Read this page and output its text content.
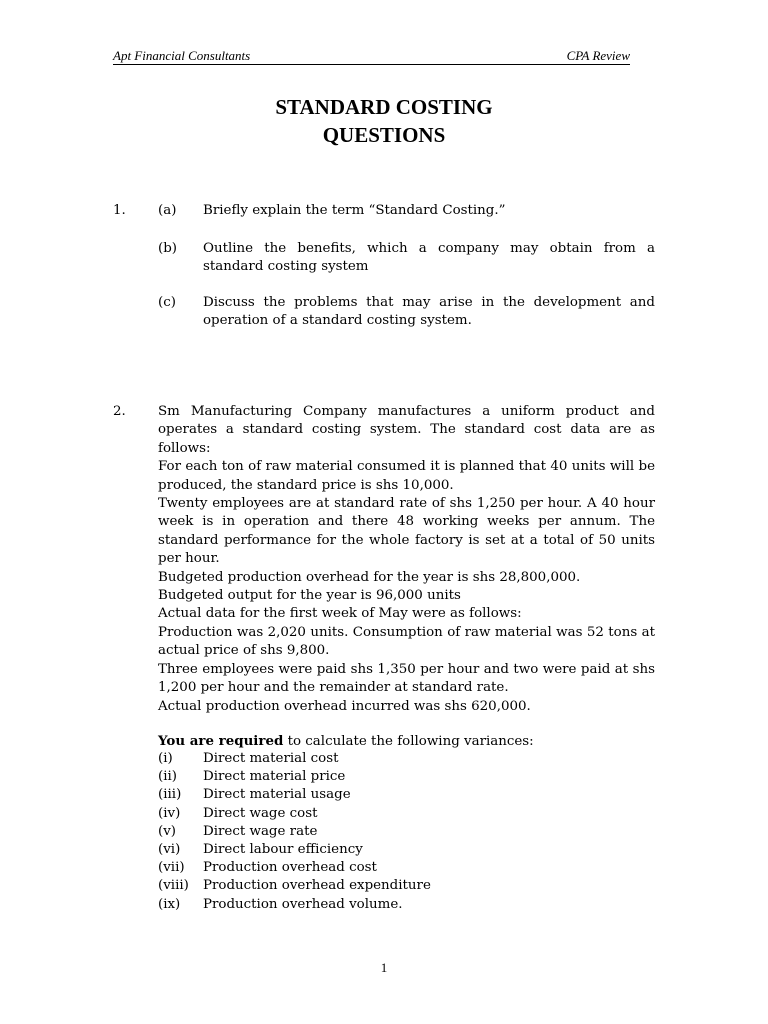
Apt Financial Consultants	CPA Review
STANDARD COSTING
QUESTIONS
1. (a) Briefly explain the term “Standard Costing.”
(b) Outline the benefits, which a company may obtain from a standard costing system
(c) Discuss the problems that may arise in the development and operation of a standard costing system.
2. Sm Manufacturing Company manufactures a uniform product and operates a standard costing system. The standard cost data are as follows:

For each ton of raw material consumed it is planned that 40 units will be produced, the standard price is shs 10,000.

Twenty employees are at standard rate of shs 1,250 per hour. A 40 hour week is in operation and there 48 working weeks per annum. The standard performance for the whole factory is set at a total of 50 units per hour.

Budgeted production overhead for the year is shs 28,800,000.

Budgeted output for the year is 96,000 units

Actual data for the first week of May were as follows:

Production was 2,020 units. Consumption of raw material was 52 tons at actual price of shs 9,800.

Three employees were paid shs 1,350 per hour and two were paid at shs 1,200 per hour and the remainder at standard rate.

Actual production overhead incurred was shs 620,000.

You are required to calculate the following variances:
(i)	Direct material cost
(ii)	Direct material price
(iii)	Direct material usage
(iv)	Direct wage cost
(v)	Direct wage rate
(vi)	Direct labour efficiency
(vii)	Production overhead cost
(viii)	Production overhead expenditure
(ix)	Production overhead volume.
1
